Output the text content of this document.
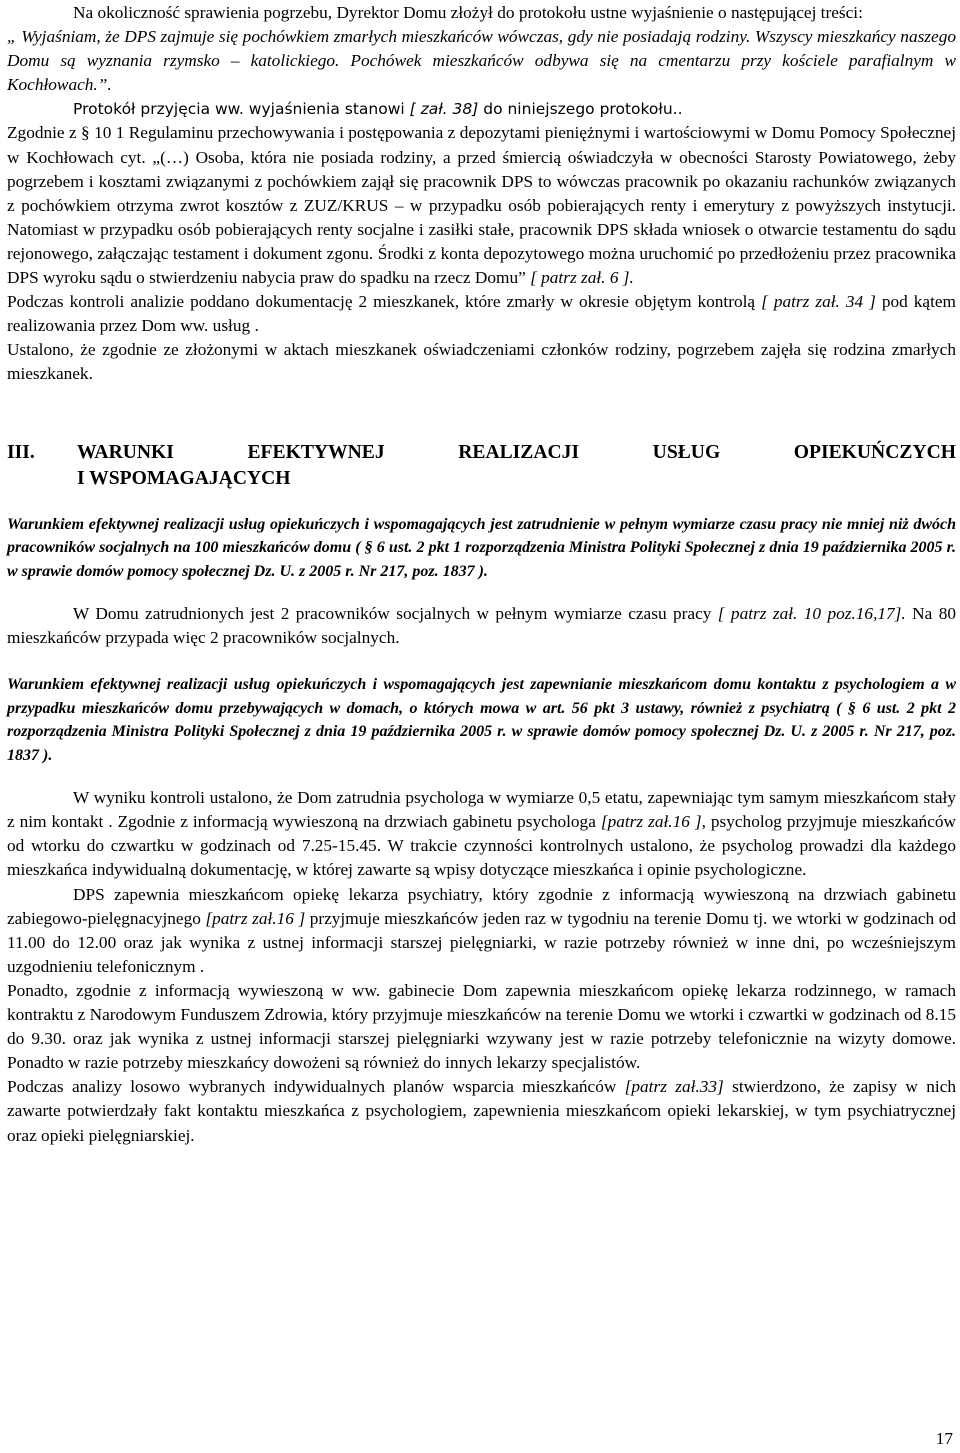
Na okoliczność sprawienia pogrzebu, Dyrektor Domu złożył do protokołu ustne wyjaśnienie o następującej treści:
„ Wyjaśniam, że DPS zajmuje się pochówkiem zmarłych mieszkańców wówczas, gdy nie posiadają rodziny. Wszyscy mieszkańcy naszego Domu są wyznania rzymsko – katolickiego. Pochówek mieszkańców odbywa się na cmentarzu przy kościele parafialnym w Kochłowach.”.
Protokół przyjęcia ww. wyjaśnienia stanowi [ zał. 38] do niniejszego protokołu..

Zgodnie z § 10 1 Regulaminu przechowywania i postępowania z depozytami pieniężnymi i wartościowymi w Domu Pomocy Społecznej w Kochłowach cyt. „(…) Osoba, która nie posiada rodziny, a przed śmiercią oświadczyła w obecności Starosty Powiatowego, żeby pogrzebem i kosztami związanymi z pochówkiem zajął się pracownik DPS to wówczas pracownik po okazaniu rachunków związanych z pochówkiem otrzyma zwrot kosztów z ZUZ/KRUS – w przypadku osób pobierających renty i emerytury z powyższych instytucji. Natomiast w przypadku osób pobierających renty socjalne i zasiłki stałe, pracownik DPS składa wniosek o otwarcie testamentu do sądu rejonowego, załączając testament i dokument zgonu. Środki z konta depozytowego można uruchomić po przedłożeniu przez pracownika DPS wyroku sądu o stwierdzeniu nabycia praw do spadku na rzecz Domu” [ patrz zał. 6 ].

Podczas kontroli analizie poddano dokumentację 2 mieszkanek, które zmarły w okresie objętym kontrolą [ patrz zał. 34 ] pod kątem realizowania przez Dom ww. usług .

Ustalono, że zgodnie ze złożonymi w aktach mieszkanek oświadczeniami członków rodziny, pogrzebem zajęła się rodzina zmarłych mieszkanek.

III.	WARUNKI	EFEKTYWNEJ	REALIZACJI	USŁUG	OPIEKUŃCZYCH
I WSPOMAGAJĄCYCH

Warunkiem efektywnej realizacji usług opiekuńczych i wspomagających jest zatrudnienie w pełnym wymiarze czasu pracy nie mniej niż dwóch pracowników socjalnych na 100 mieszkańców domu ( § 6 ust. 2 pkt 1 rozporządzenia Ministra Polityki Społecznej z dnia 19 października 2005 r. w sprawie domów pomocy społecznej Dz. U. z 2005 r. Nr 217, poz. 1837 ).

W Domu zatrudnionych jest 2 pracowników socjalnych w pełnym wymiarze czasu pracy [ patrz zał. 10 poz.16,17]. Na 80 mieszkańców przypada więc 2 pracowników socjalnych.

Warunkiem efektywnej realizacji usług opiekuńczych i wspomagających jest zapewnianie mieszkańcom domu kontaktu z psychologiem a w przypadku mieszkańców domu przebywających w domach, o których mowa w art. 56 pkt 3 ustawy, również z psychiatrą ( § 6 ust. 2 pkt 2 rozporządzenia Ministra Polityki Społecznej z dnia 19 października 2005 r. w sprawie domów pomocy społecznej Dz. U. z 2005 r. Nr 217, poz. 1837 ).

W wyniku kontroli ustalono, że Dom zatrudnia psychologa w wymiarze 0,5 etatu, zapewniając tym samym mieszkańcom stały z nim kontakt . Zgodnie z informacją wywieszoną na drzwiach gabinetu psychologa [patrz zał.16 ], psycholog przyjmuje mieszkańców od wtorku do czwartku w godzinach od 7.25-15.45. W trakcie czynności kontrolnych ustalono, że psycholog prowadzi dla każdego mieszkańca indywidualną dokumentację, w której zawarte są wpisy dotyczące mieszkańca i opinie psychologiczne.

DPS zapewnia mieszkańcom opiekę lekarza psychiatry, który zgodnie z informacją wywieszoną na drzwiach gabinetu zabiegowo-pielęgnacyjnego [patrz zał.16 ] przyjmuje mieszkańców jeden raz w tygodniu na terenie Domu tj. we wtorki w godzinach od 11.00 do 12.00 oraz jak wynika z ustnej informacji starszej pielęgniarki, w razie potrzeby również w inne dni, po wcześniejszym uzgodnieniu telefonicznym .

Ponadto, zgodnie z informacją wywieszoną w ww. gabinecie Dom zapewnia mieszkańcom opiekę lekarza rodzinnego, w ramach kontraktu z Narodowym Funduszem Zdrowia, który przyjmuje mieszkańców na terenie Domu we wtorki i czwartki w godzinach od 8.15 do 9.30. oraz jak wynika z ustnej informacji starszej pielęgniarki wzywany jest w razie potrzeby telefonicznie na wizyty domowe. Ponadto w razie potrzeby mieszkańcy dowożeni są również do innych lekarzy specjalistów.

Podczas analizy losowo wybranych indywidualnych planów wsparcia mieszkańców [patrz zał.33] stwierdzono, że zapisy w nich zawarte potwierdzały fakt kontaktu mieszkańca z psychologiem, zapewnienia mieszkańcom opieki lekarskiej, w tym psychiatrycznej oraz opieki pielęgniarskiej.

17
